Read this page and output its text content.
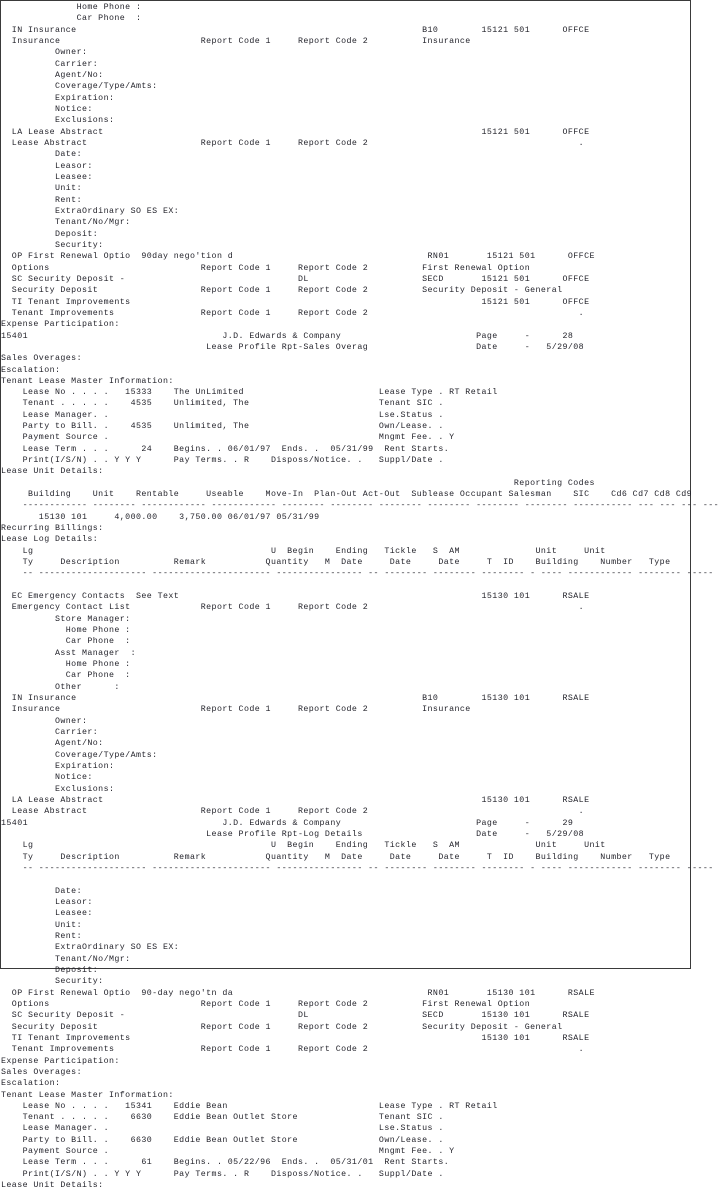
Home Phone :
Car Phone  :
IN Insurance                                                                B10        15121 501      OFFCE
Insurance                          Report Code 1     Report Code 2          Insurance
Owner:
Carrier:
Agent/No:
Coverage/Type/Amts:
Expiration:
Notice:
Exclusions:
LA Lease Abstract                                                                      15121 501      OFFCE
Lease Abstract                     Report Code 1     Report Code 2                                       .
Date:
Leasor:
Leasee:
Unit:
Rent:
ExtraOrdinary SO ES EX:
Tenant/No/Mgr:
Deposit:
Security:
OP First Renewal Optio  90day nego'tion d                                    RN01       15121 501      OFFCE
Options                            Report Code 1     Report Code 2          First Renewal Option
SC Security Deposit -                                DL                     SECD       15121 501      OFFCE
Security Deposit                   Report Code 1     Report Code 2          Security Deposit - General
TI Tenant Improvements                                                                 15121 501      OFFCE
Tenant Improvements                Report Code 1     Report Code 2                                       .
Expense Participation:
15401                                    J.D. Edwards & Company                         Page     -      28
Lease Profile Rpt-Sales Overag                    Date     -   5/29/08
Sales Overages:
Escalation:
Tenant Lease Master Information:
Lease No . . . .   15333    The UnLimited                         Lease Type . RT Retail
Tenant . . . . .    4535    Unlimited, The                        Tenant SIC .
Lease Manager. .                                                  Lse.Status .
Party to Bill. .    4535    Unlimited, The                        Own/Lease. .
Payment Source .                                                  Mngmt Fee. . Y
Lease Term . . .      24    Begins. . 06/01/97  Ends. .  05/31/99  Rent Starts.
Print(I/S/N) . . Y Y Y      Pay Terms. . R    Disposs/Notice. .   Suppl/Date .
Lease Unit Details:
Reporting Codes
Building    Unit    Rentable     Useable    Move-In  Plan-Out Act-Out  Sublease Occupant Salesman    SIC    Cd6 Cd7 Cd8 Cd9
------------ -------- ------------ ------------ -------- -------- -------- -------- -------- -------- ----------- --- --- --- ---
15130 101     4,000.00    3,750.00 06/01/97 05/31/99
Recurring Billings:
Lease Log Details:
Lg                                            U  Begin    Ending   Tickle   S  AM              Unit     Unit
Ty     Description          Remark           Quantity   M  Date     Date     Date     T  ID    Building    Number   Type
-- -------------------- ---------------------- ---------------- -- -------- -------- -------- - ---- ------------ -------- -----

EC Emergency Contacts  See Text                                                        15130 101      RSALE
Emergency Contact List             Report Code 1     Report Code 2                                       .
Store Manager:
Home Phone :
Car Phone  :
Asst Manager  :
Home Phone :
Car Phone  :
Other      :
IN Insurance                                                                B10        15130 101      RSALE
Insurance                          Report Code 1     Report Code 2          Insurance
Owner:
Carrier:
Agent/No:
Coverage/Type/Amts:
Expiration:
Notice:
Exclusions:
LA Lease Abstract                                                                      15130 101      RSALE
Lease Abstract                     Report Code 1     Report Code 2                                       .
15401                                    J.D. Edwards & Company                         Page     -      29
Lease Profile Rpt-Log Details                     Date     -   5/29/08
Lg                                            U  Begin    Ending   Tickle   S  AM              Unit     Unit
Ty     Description          Remark           Quantity   M  Date     Date     Date     T  ID    Building    Number   Type
-- -------------------- ---------------------- ---------------- -- -------- -------- -------- - ---- ------------ -------- -----

Date:
Leasor:
Leasee:
Unit:
Rent:
ExtraOrdinary SO ES EX:
Tenant/No/Mgr:
Deposit:
Security:
OP First Renewal Optio  90-day nego'tn da                                    RN01       15130 101      RSALE
Options                            Report Code 1     Report Code 2          First Renewal Option
SC Security Deposit -                                DL                     SECD       15130 101      RSALE
Security Deposit                   Report Code 1     Report Code 2          Security Deposit - General
TI Tenant Improvements                                                                 15130 101      RSALE
Tenant Improvements                Report Code 1     Report Code 2                                       .
Expense Participation:
Sales Overages:
Escalation:
Tenant Lease Master Information:
Lease No . . . .   15341    Eddie Bean                            Lease Type . RT Retail
Tenant . . . . .    6630    Eddie Bean Outlet Store               Tenant SIC .
Lease Manager. .                                                  Lse.Status .
Party to Bill. .    6630    Eddie Bean Outlet Store               Own/Lease. .
Payment Source .                                                  Mngmt Fee. . Y
Lease Term . . .      61    Begins. . 05/22/96  Ends. .  05/31/01  Rent Starts.
Print(I/S/N) . . Y Y Y      Pay Terms. . R    Disposs/Notice. .   Suppl/Date .
Lease Unit Details:
